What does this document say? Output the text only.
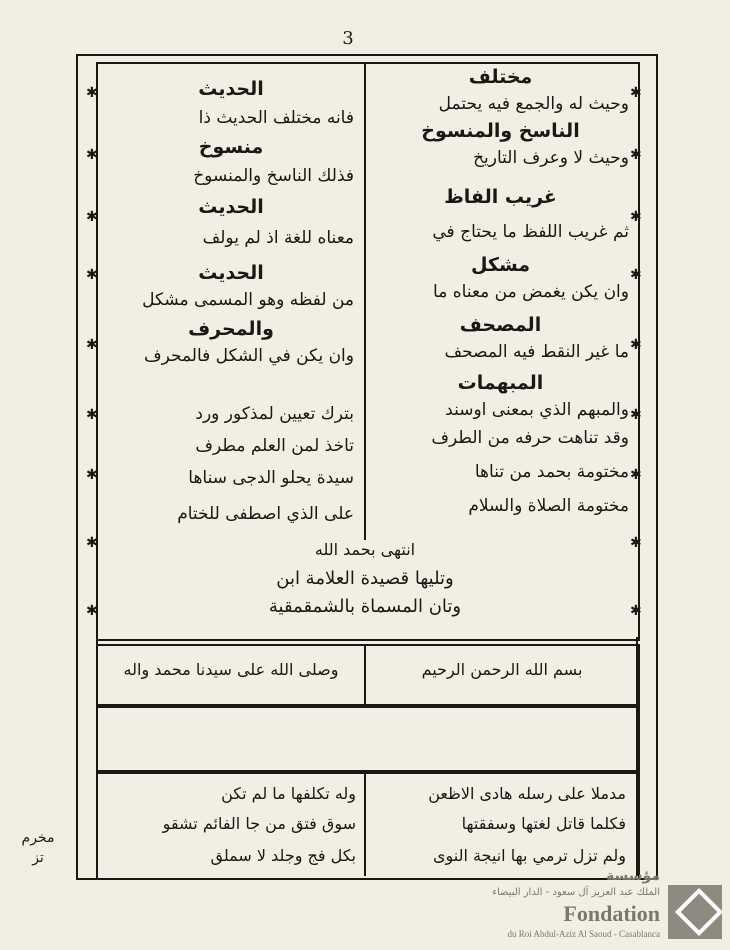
3
✱
✱
✱
✱
✱
✱
✱
✱
✱
✱
✱
✱
✱
✱
✱
✱
✱
✱
مختلف
وحيث له والجمع فيه يحتمل
الناسخ والمنسوخ
وحيث لا وعرف التاريخ
غريب الفاظ
ثم غريب اللفظ ما يحتاج في
مشكل
وان يكن يغمض من معناه ما
المصحف
ما غير النقط فيه المصحف
المبهمات
والمبهم الذي بمعنى اوسند
وقد تناهت حرفه من الطرف
مختومة بحمد من تناها
مختومة الصلاة والسلام
الحديث
فانه مختلف الحديث ذا
منسوخ
فذلك الناسخ والمنسوخ
الحديث
معناه للغة اذ لم يولف
الحديث
من لفظه وهو المسمى مشكل
والمحرف
وان يكن في الشكل فالمحرف
بترك تعيين لمذكور ورد
تاخذ لمن العلم مطرف
سيدة يحلو الدجى سناها
على الذي اصطفى للختام
انتهى بحمد الله
وتليها قصيدة العلامة ابن
وتان المسماة بالشمقمقية
بسم الله الرحمن الرحيم
وصلى الله على سيدنا محمد واله
مدملا على رسله هادى الاظعن
فكلما قاتل لغتها وسفقتها
ولم تزل ترمي بها انيجة النوى
وله تكلفها ما لم تكن
سوق فتق من جا الفائم تشقو
بكل فج وجلد لا سملق
مخرم
تز
مؤسسة
الملك عبد العزيز آل سعود - الدار البيضاء
Fondation
du Roi Abdul-Aziz Al Saoud - Casablanca
